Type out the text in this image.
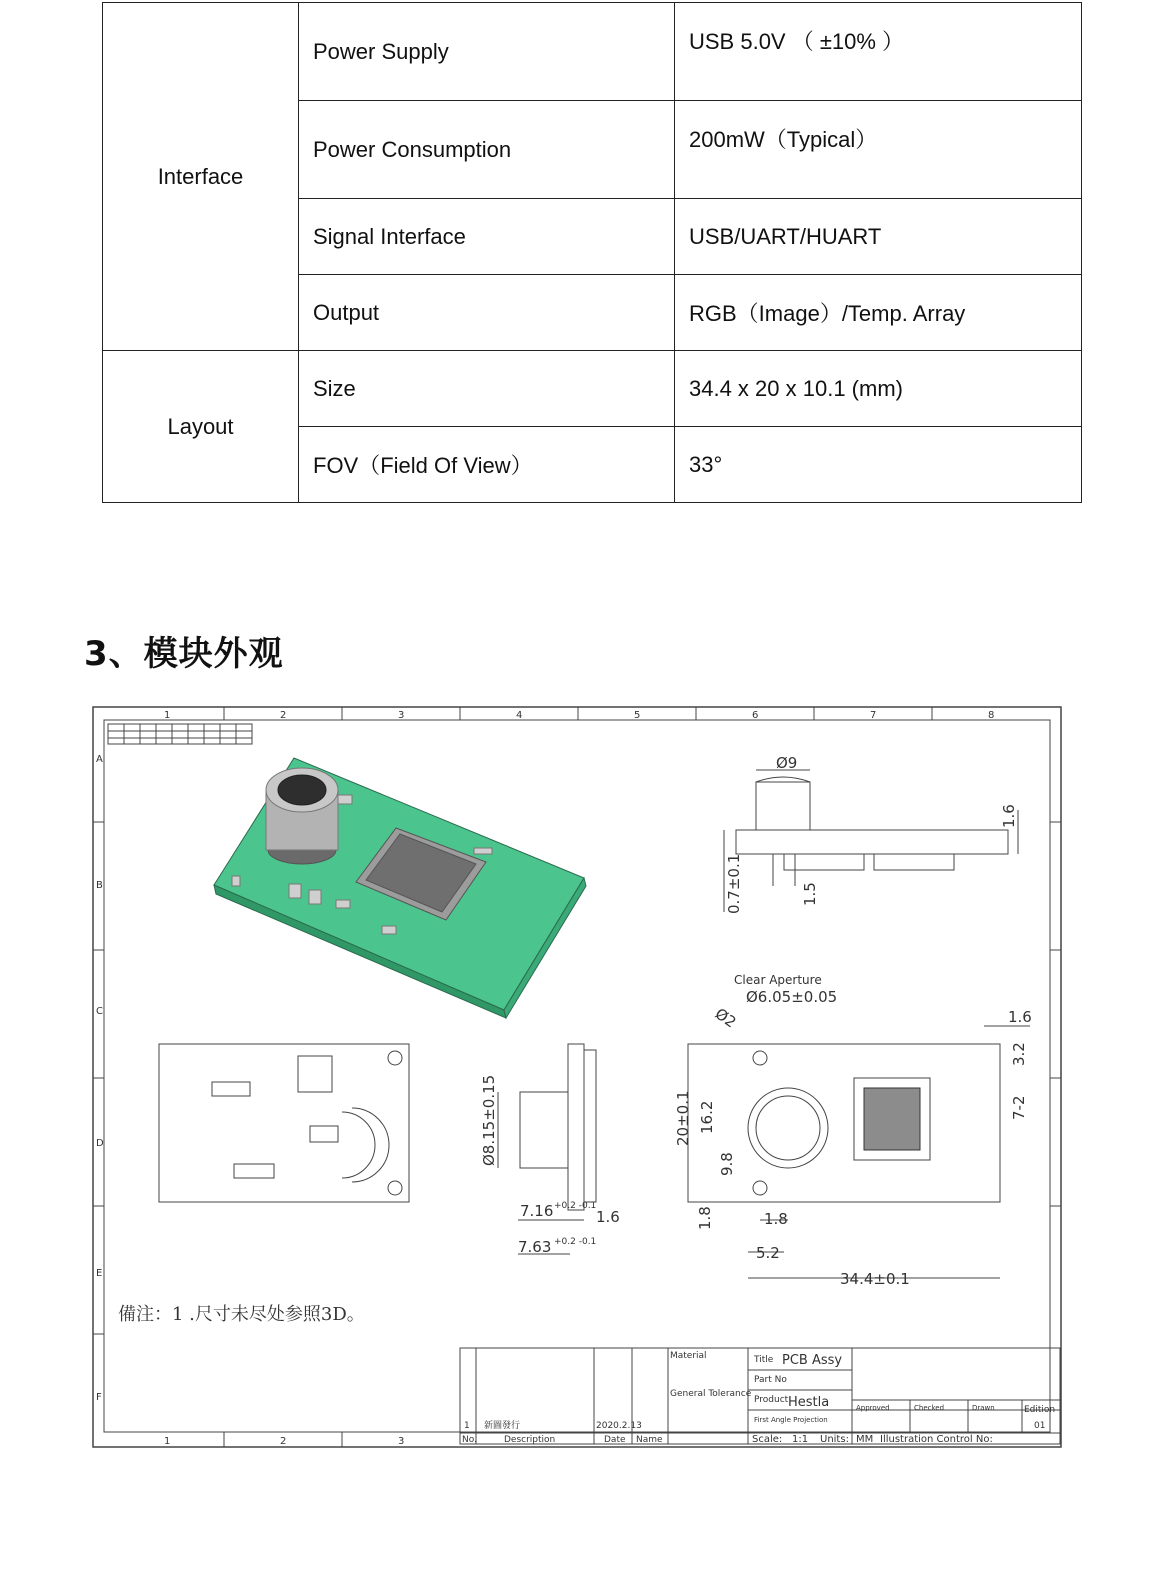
Interface	Power Supply	USB 5.0V （ ±10% ）
	Power Consumption	200mW（Typical）
	Signal Interface	USB/UART/HUART
	Output	RGB（Image）/Temp. Array
Layout	Size	34.4 x 20 x 10.1 (mm)
	FOV（Field Of View）	33°
3、模块外观
1	2	3	4	5	6	7	8
1	2	3
A
B
C
D
E
F
Ø9
1.6
0.7±0.1	1.5
Ø8.15±0.15
7.16 +0.2 -0.1
1.6
7.63 +0.2 -0.1
Clear Aperture
Ø6.05±0.05
Ø2	1.6
3.2
7-2
20±0.1 16.2
9.8
1.8	1.8
5.2
34.4±0.1
備注：1 .尺寸未尽处参照3D。
Material	Title PCB Assy
Part No
Product Hestla
General Tolerance
First Angle Projection
Approved	Checked	Drawn	Edition
01
1 新圖發行	2020.2.13
No.	Description	Date Name	Scale: 1:1 Units: MM Illustration Control No:
